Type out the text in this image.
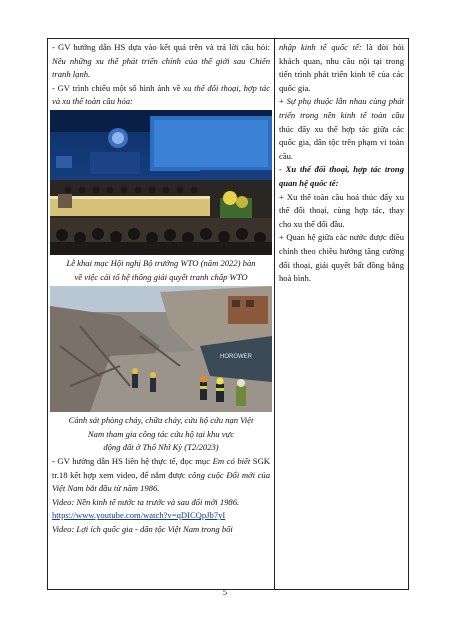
- GV hướng dẫn HS dựa vào kết quả trên và trả lời câu hỏi: Nêu những xu thế phát triển chính của thế giới sau Chiến tranh lạnh.

- GV trình chiếu một số hình ảnh về xu thế đối thoại, hợp tác và xu thế toàn cầu hóa:

Lễ khai mạc Hội nghị Bộ trưởng WTO (năm 2022) bàn

về việc cải tổ hệ thống giải quyết tranh chấp WTO

HOROWER

Cảnh sát phòng cháy, chữa cháy, cứu hộ cứu nạn Việt

Nam tham gia công tác cứu hộ tại khu vực

động đất ở Thổ Nhĩ Kỳ (T2/2023)

- GV hướng dẫn HS liên hệ thực tế, đọc mục Em có biết SGK tr.18 kết hợp xem video, để nắm được công cuộc Đổi mới của Việt Nam bắt đầu từ năm 1986.

Video: Nền kinh tế nước ta trước và sau đổi mới 1986.

https://www.youtube.com/watch?v=qDICQpJb7yI

Video: Lợi ích quốc gia - dân tộc Việt Nam trong bối

nhập kinh tế quốc tế: là đòi hỏi khách quan, nhu cầu nội tại trong tiến trình phát triển kinh tế của các quốc gia.

+ Sự phụ thuộc lẫn nhau cùng phát triển trong nền kinh tế toàn cầu thúc đẩy xu thế hợp tác giữa các quốc gia, dân tộc trên phạm vi toàn cầu.

- Xu thế đối thoại, hợp tác trong quan hệ quốc tế:

+ Xu thế toàn cầu hoá thúc đẩy xu thế đối thoại, cùng hợp tác, thay cho xu thế đối đầu.

+ Quan hệ giữa các nước được điều chỉnh theo chiều hướng tăng cường đối thoại, giải quyết bất đồng bằng hoà bình.

5
